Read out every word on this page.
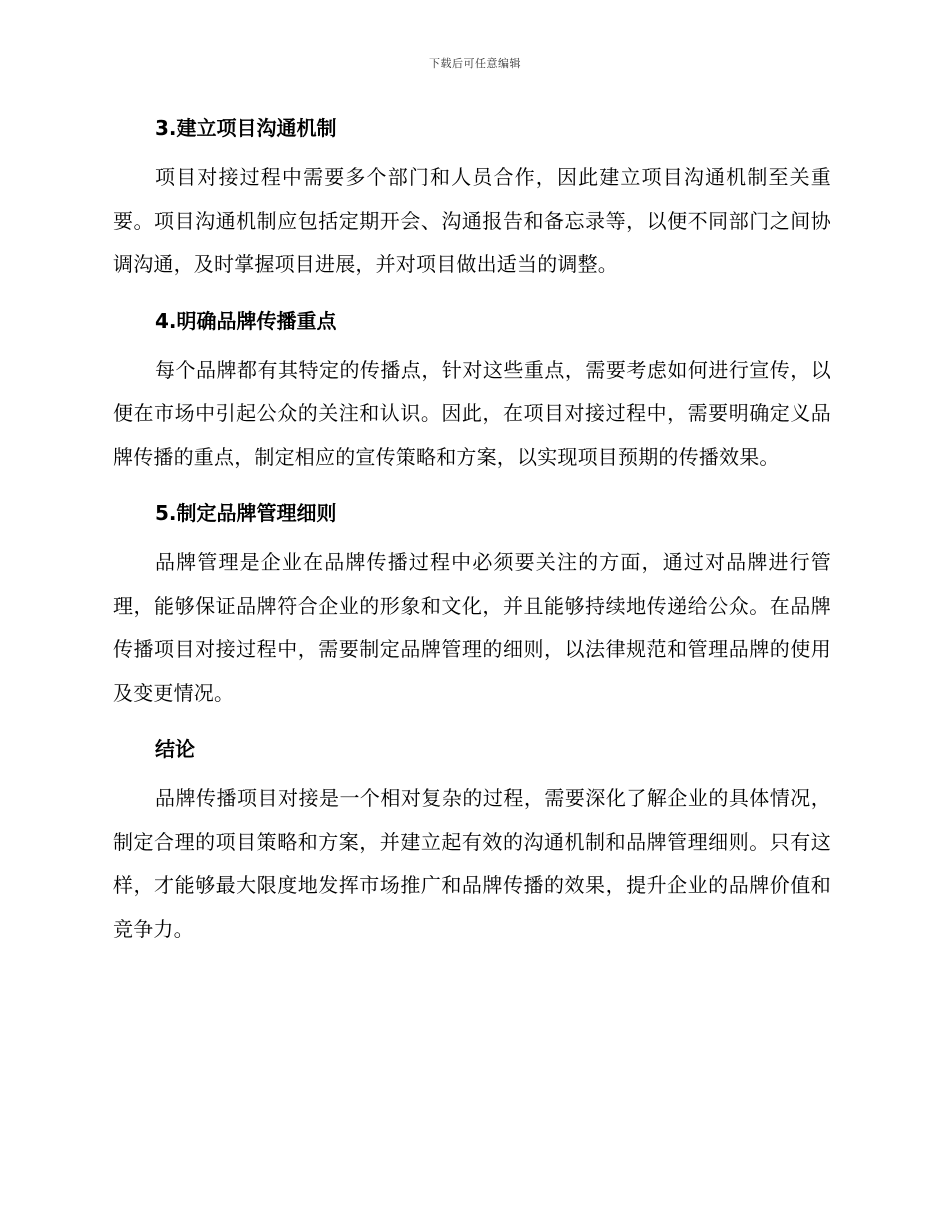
下载后可任意编辑
3.建立项目沟通机制

项目对接过程中需要多个部门和人员合作，因此建立项目沟通机制至关重要。项目沟通机制应包括定期开会、沟通报告和备忘录等，以便不同部门之间协调沟通，及时掌握项目进展，并对项目做出适当的调整。

4.明确品牌传播重点

每个品牌都有其特定的传播点，针对这些重点，需要考虑如何进行宣传，以便在市场中引起公众的关注和认识。因此，在项目对接过程中，需要明确定义品牌传播的重点，制定相应的宣传策略和方案，以实现项目预期的传播效果。

5.制定品牌管理细则

品牌管理是企业在品牌传播过程中必须要关注的方面，通过对品牌进行管理，能够保证品牌符合企业的形象和文化，并且能够持续地传递给公众。在品牌传播项目对接过程中，需要制定品牌管理的细则，以法律规范和管理品牌的使用及变更情况。

结论

品牌传播项目对接是一个相对复杂的过程，需要深化了解企业的具体情况，制定合理的项目策略和方案，并建立起有效的沟通机制和品牌管理细则。只有这样，才能够最大限度地发挥市场推广和品牌传播的效果，提升企业的品牌价值和竞争力。
